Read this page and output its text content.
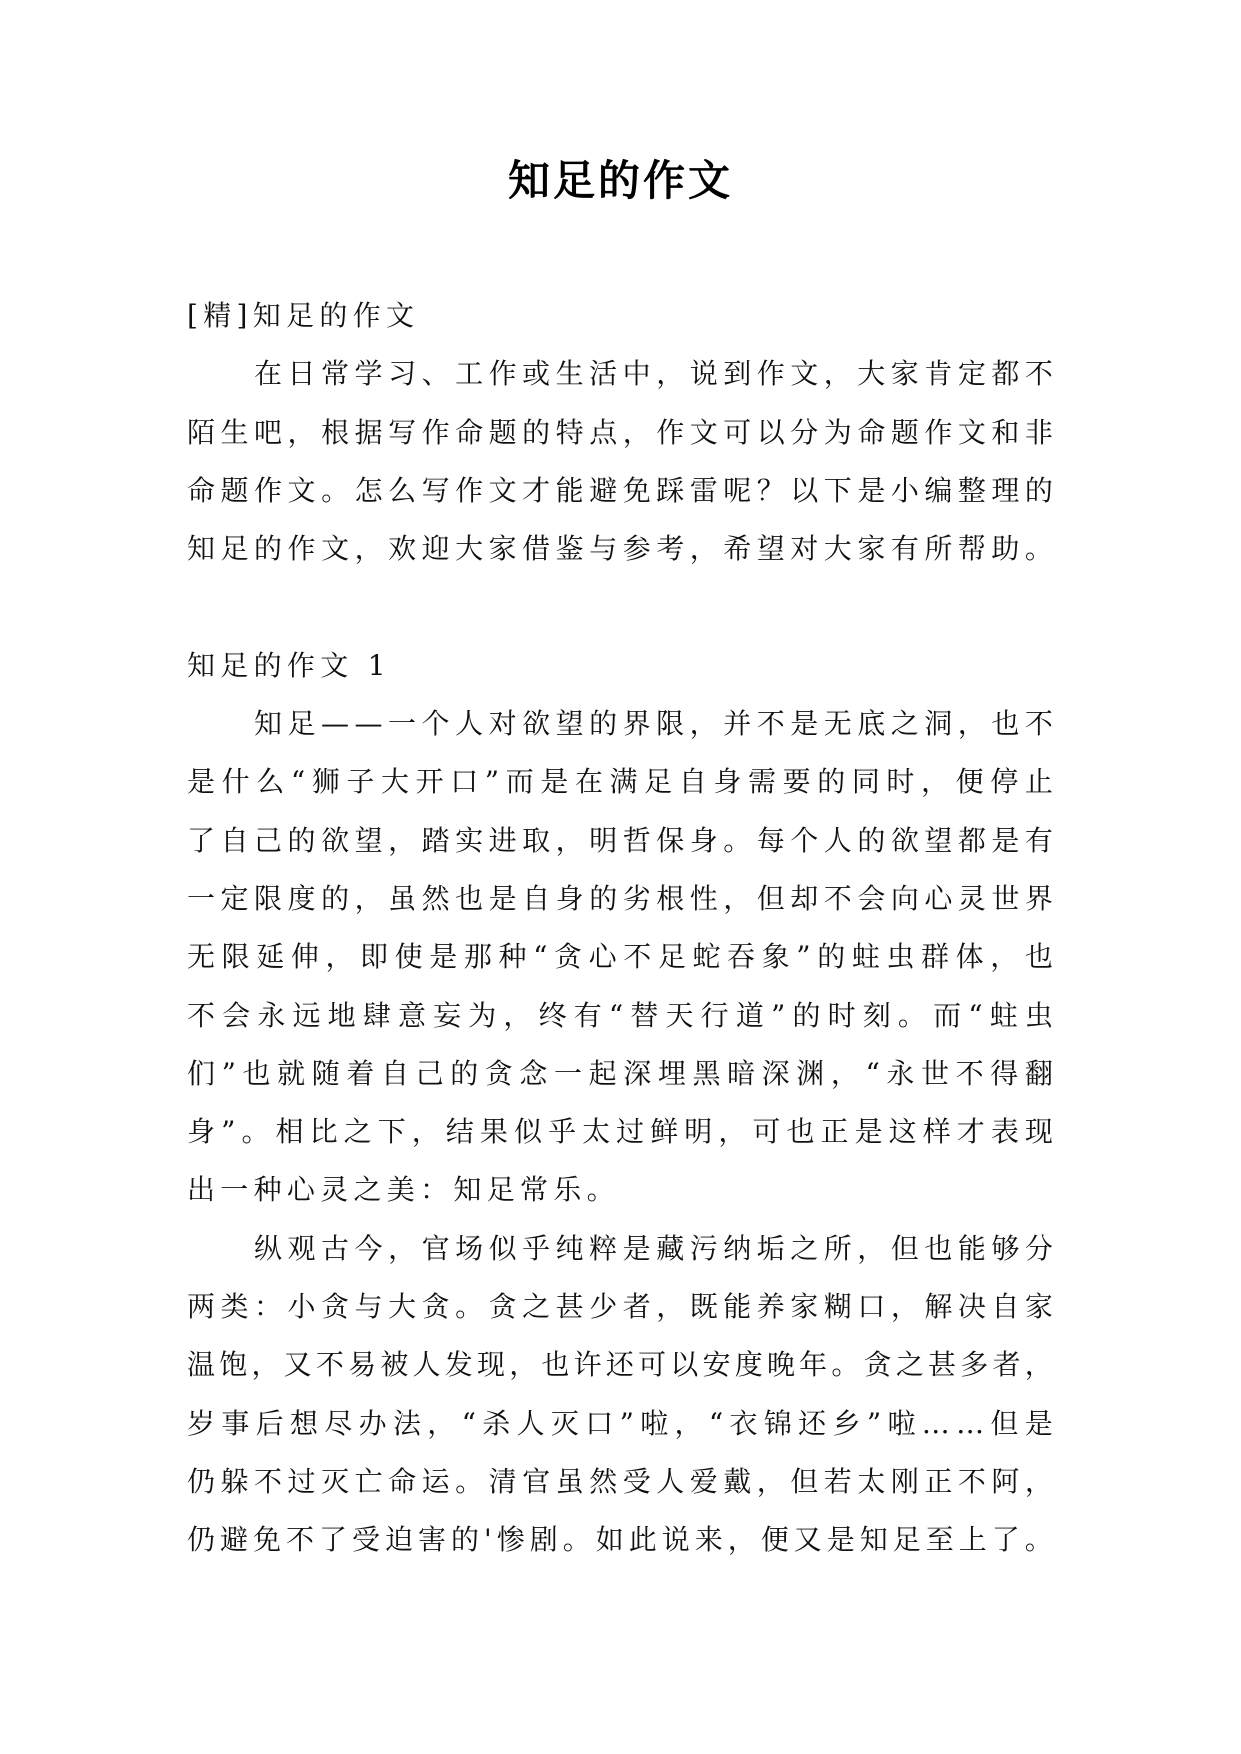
知足的作文
[精]知足的作文
在 日 常 学 习 、 工 作 或 生 活 中 ， 说 到 作 文 ， 大 家 肯 定 都 不
陌 生 吧 ， 根 据 写 作 命 题 的 特 点 ， 作 文 可 以 分 为 命 题 作 文 和 非
命 题 作 文 。 怎 么 写 作 文 才 能 避 免 踩 雷 呢 ？ 以 下 是 小 编 整 理 的
知 足 的 作 文 ， 欢 迎 大 家 借 鉴 与 参 考 ， 希 望 对 大 家 有 所 帮 助 。
知足的作文 1
知 足 — — 一 个 人 对 欲 望 的 界 限 ， 并 不 是 无 底 之 洞 ， 也 不
是 什 么 “ 狮 子 大 开 口 ” 而 是 在 满 足 自 身 需 要 的 同 时 ， 便 停 止
了 自 己 的 欲 望 ， 踏 实 进 取 ， 明 哲 保 身 。 每 个 人 的 欲 望 都 是 有
一 定 限 度 的 ， 虽 然 也 是 自 身 的 劣 根 性 ， 但 却 不 会 向 心 灵 世 界
无 限 延 伸 ， 即 使 是 那 种 “ 贪 心 不 足 蛇 吞 象 ” 的 蛀 虫 群 体 ， 也
不 会 永 远 地 肆 意 妄 为 ， 终 有 “ 替 天 行 道 ” 的 时 刻 。 而 “ 蛀 虫
们 ” 也 就 随 着 自 己 的 贪 念 一 起 深 埋 黑 暗 深 渊 ， “ 永 世 不 得 翻
身 ” 。 相 比 之 下 ， 结 果 似 乎 太 过 鲜 明 ， 可 也 正 是 这 样 才 表 现
出一种心灵之美：知足常乐。
纵 观 古 今 ， 官 场 似 乎 纯 粹 是 藏 污 纳 垢 之 所 ， 但 也 能 够 分
两 类 ： 小 贪 与 大 贪 。 贪 之 甚 少 者 ， 既 能 养 家 糊 口 ， 解 决 自 家
温 饱 ， 又 不 易 被 人 发 现 ， 也 许 还 可 以 安 度 晚 年 。 贪 之 甚 多 者 ，
岁 事 后 想 尽 办 法 ， “ 杀 人 灭 口 ” 啦 ， “ 衣 锦 还 乡 ” 啦 … … 但 是
仍 躲 不 过 灭 亡 命 运 。 清 官 虽 然 受 人 爱 戴 ， 但 若 太 刚 正 不 阿 ，
仍 避 免 不 了 受 迫 害 的 ' 惨 剧 。 如 此 说 来 ， 便 又 是 知 足 至 上 了 。
